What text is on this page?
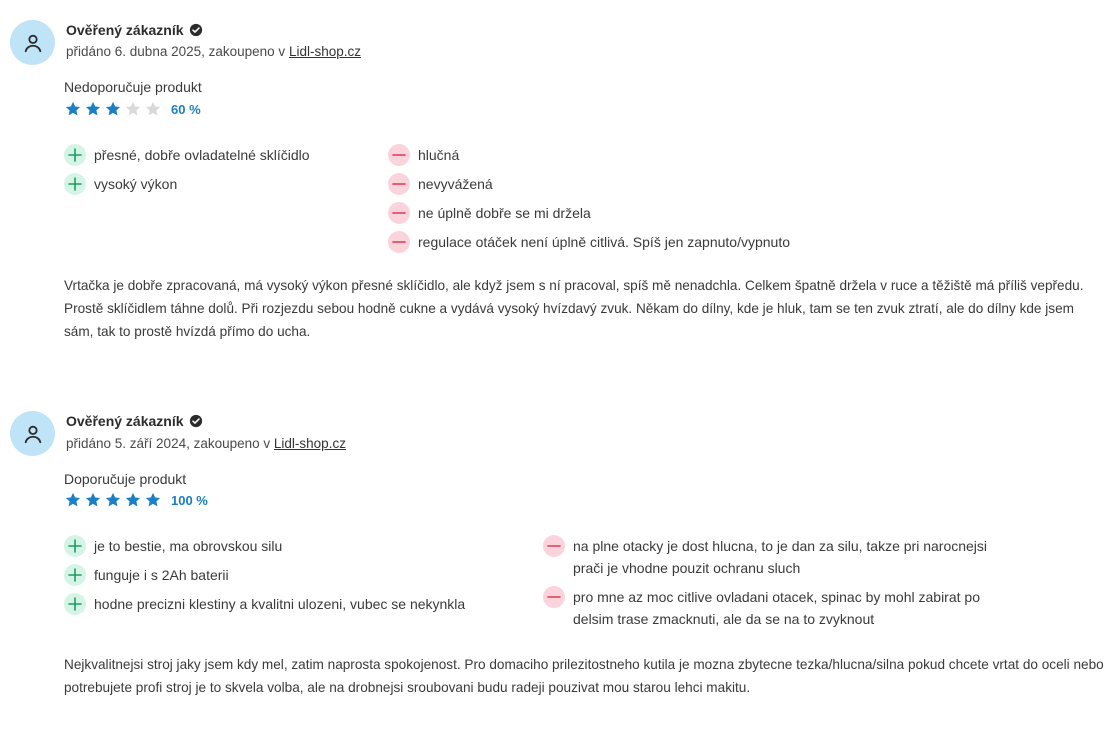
Ověřený zákazník
přidáno 6. dubna 2025, zakoupeno v Lidl-shop.cz
Nedoporučuje produkt
60 %
přesné, dobře ovladatelné sklíčidlo
vysoký výkon
hlučná
nevyvážená
ne úplně dobře se mi držela
regulace otáček není úplně citlivá. Spíš jen zapnuto/vypnuto
Vrtačka je dobře zpracovaná, má vysoký výkon přesné sklíčidlo, ale když jsem s ní pracoval, spíš mě nenadchla. Celkem špatně držela v ruce a těžiště má příliš vepředu. Prostě sklíčidlem táhne dolů. Při rozjezdu sebou hodně cukne a vydává vysoký hvízdavý zvuk. Někam do dílny, kde je hluk, tam se ten zvuk ztratí, ale do dílny kde jsem sám, tak to prostě hvízdá přímo do ucha.
Ověřený zákazník
přidáno 5. září 2024, zakoupeno v Lidl-shop.cz
Doporučuje produkt
100 %
je to bestie, ma obrovskou silu
funguje i s 2Ah baterii
hodne precizni klestiny a kvalitni ulozeni, vubec se nekynkla
na plne otacky je dost hlucna, to je dan za silu, takze pri narocnejsi prači je vhodne pouzit ochranu sluch
pro mne az moc citlive ovladani otacek, spinac by mohl zabirat po delsim trase zmacknuti, ale da se na to zvyknout
Nejkvalitnejsi stroj jaky jsem kdy mel, zatim naprosta spokojenost. Pro domaciho prilezitostneho kutila je mozna zbytecne tezka/hlucna/silna pokud chcete vrtat do oceli nebo potrebujete profi stroj je to skvela volba, ale na drobnejsi sroubovani budu radeji pouzivat mou starou lehci makitu.
